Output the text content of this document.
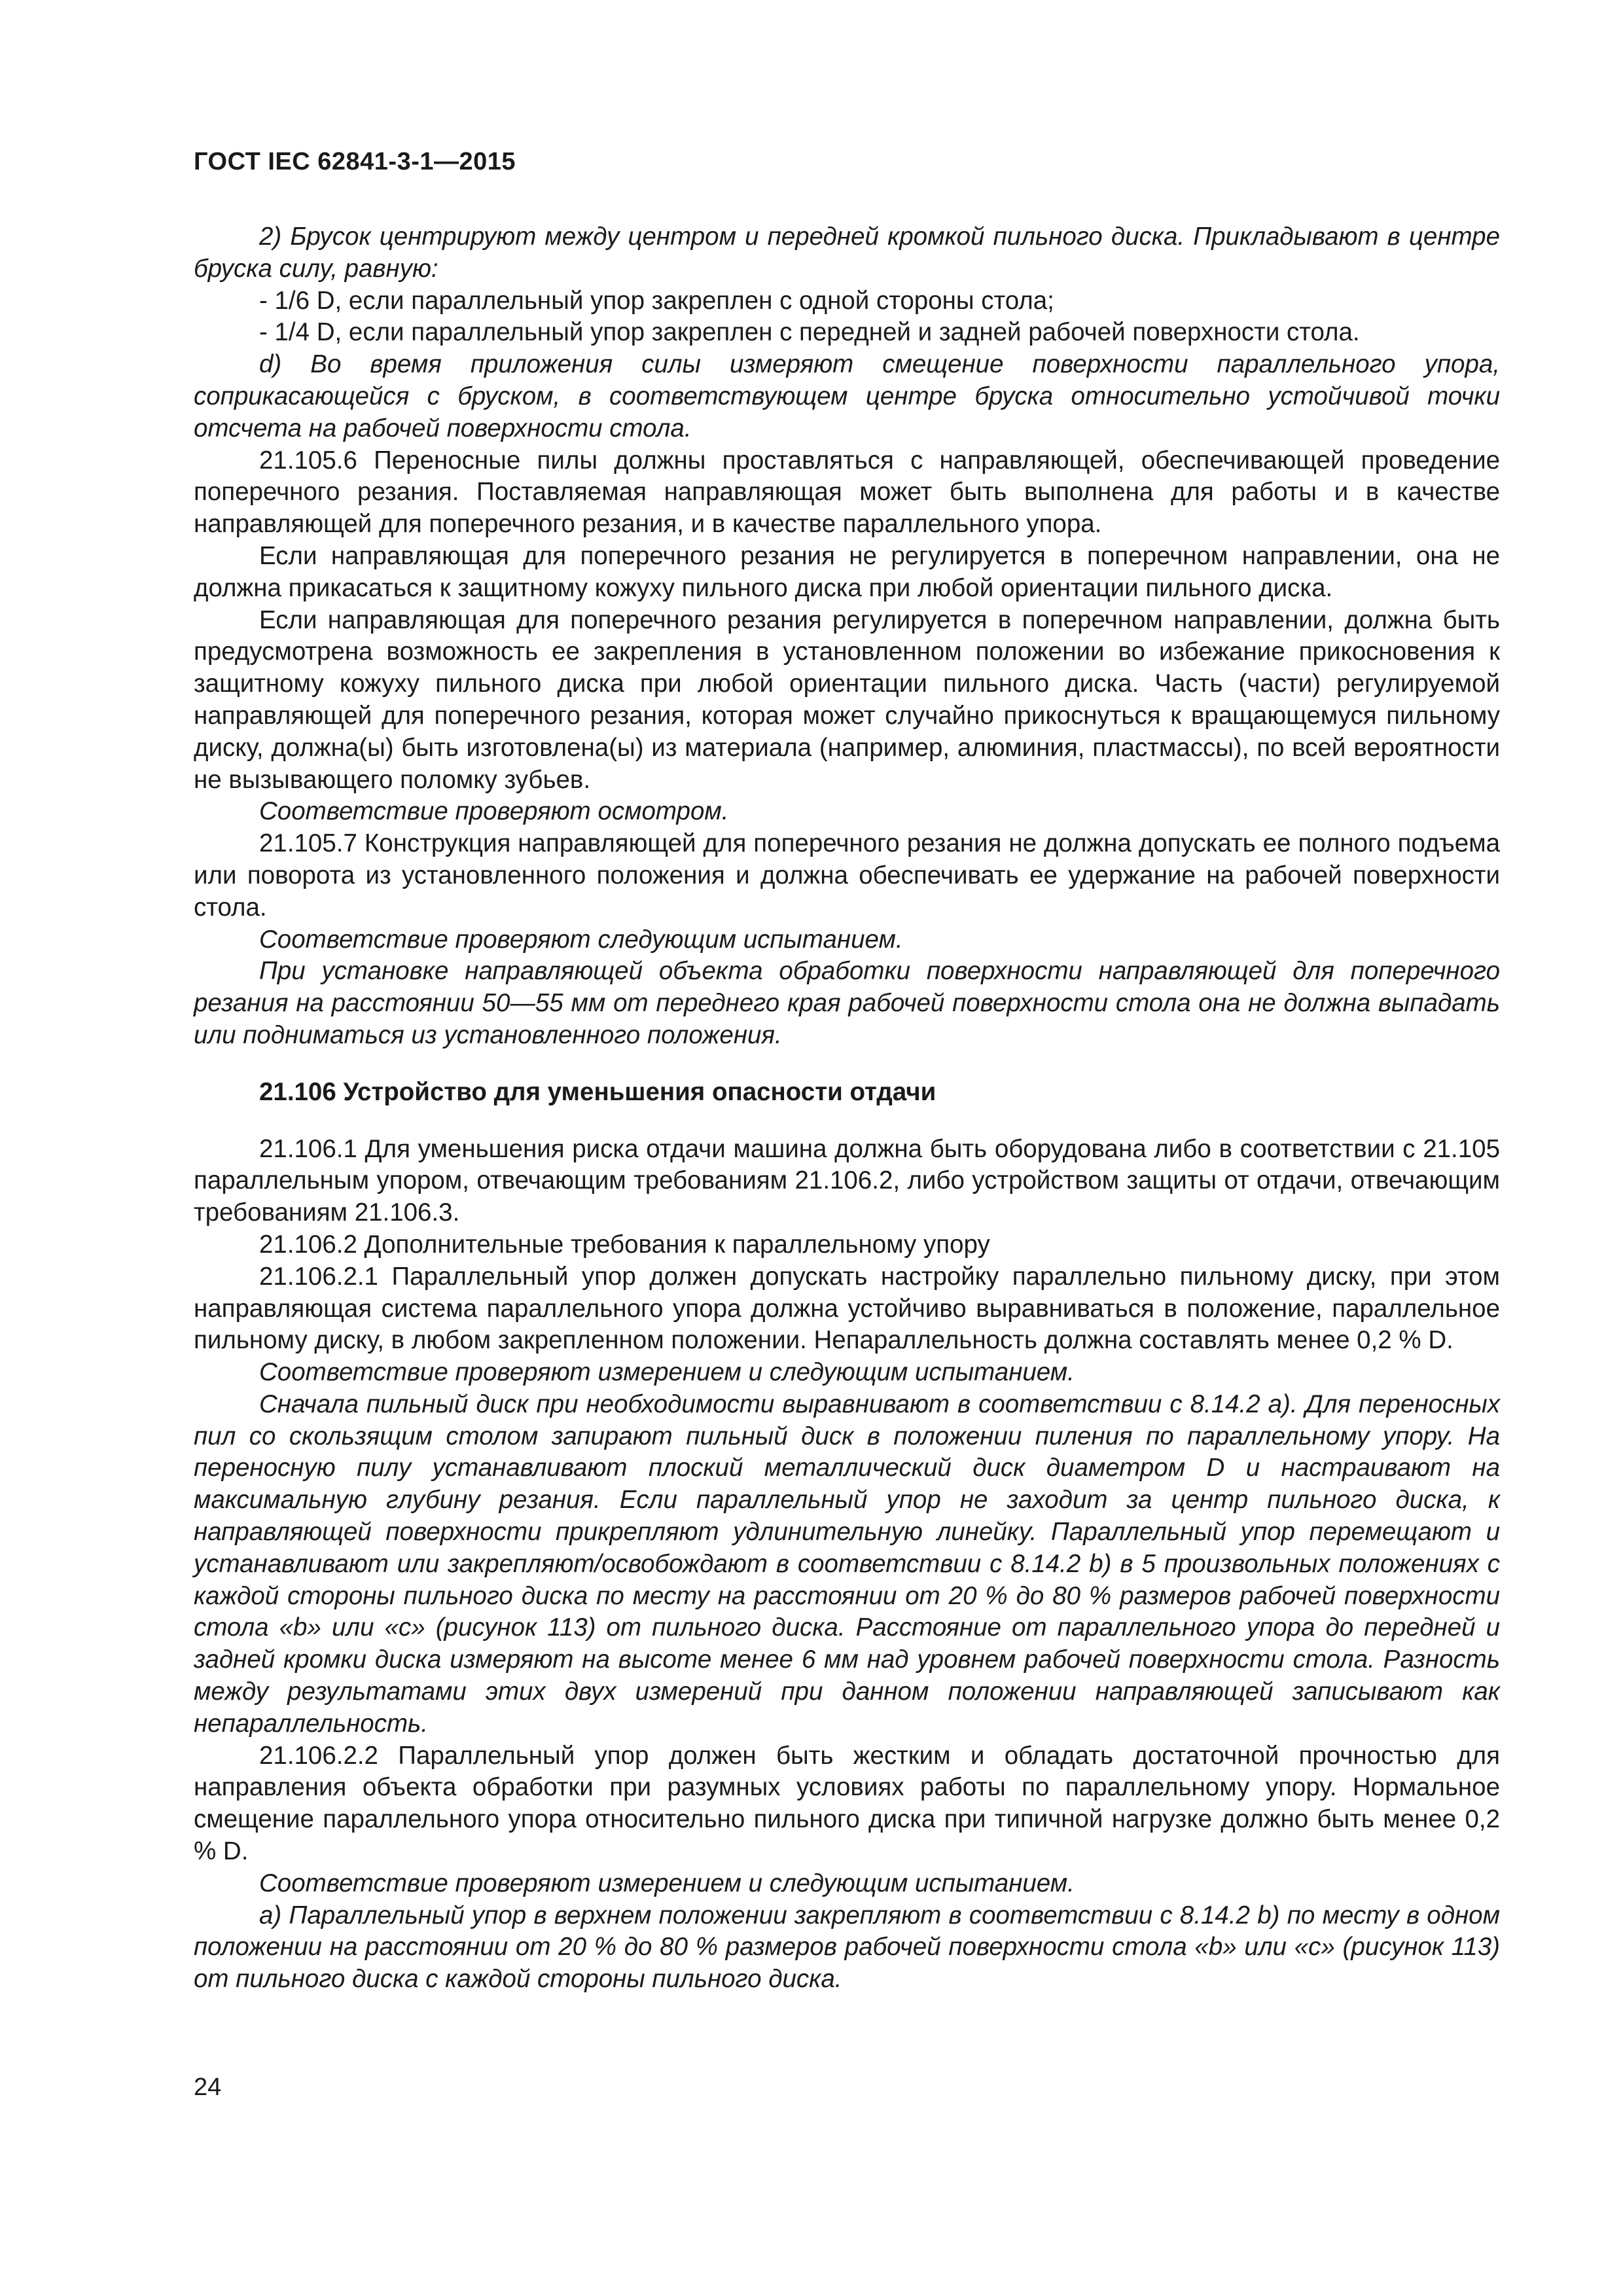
ГОСТ IEC 62841-3-1—2015

2) Брусок центрируют между центром и передней кромкой пильного диска. Прикладывают в центре бруска силу, равную:

- 1/6 D, если параллельный упор закреплен с одной стороны стола;

- 1/4 D, если параллельный упор закреплен с передней и задней рабочей поверхности стола.

d) Во время приложения силы измеряют смещение поверхности параллельного упора, соприкасающейся с бруском, в соответствующем центре бруска относительно устойчивой точки отсчета на рабочей поверхности стола.

21.105.6 Переносные пилы должны проставляться с направляющей, обеспечивающей проведение поперечного резания. Поставляемая направляющая может быть выполнена для работы и в качестве направляющей для поперечного резания, и в качестве параллельного упора.

Если направляющая для поперечного резания не регулируется в поперечном направлении, она не должна прикасаться к защитному кожуху пильного диска при любой ориентации пильного диска.

Если направляющая для поперечного резания регулируется в поперечном направлении, должна быть предусмотрена возможность ее закрепления в установленном положении во избежание прикосновения к защитному кожуху пильного диска при любой ориентации пильного диска. Часть (части) регулируемой направляющей для поперечного резания, которая может случайно прикоснуться к вращающемуся пильному диску, должна(ы) быть изготовлена(ы) из материала (например, алюминия, пластмассы), по всей вероятности не вызывающего поломку зубьев.

Соответствие проверяют осмотром.

21.105.7 Конструкция направляющей для поперечного резания не должна допускать ее полного подъема или поворота из установленного положения и должна обеспечивать ее удержание на рабочей поверхности стола.

Соответствие проверяют следующим испытанием.

При установке направляющей объекта обработки поверхности направляющей для поперечного резания на расстоянии 50—55 мм от переднего края рабочей поверхности стола она не должна выпадать или подниматься из установленного положения.

21.106 Устройство для уменьшения опасности отдачи

21.106.1 Для уменьшения риска отдачи машина должна быть оборудована либо в соответствии с 21.105 параллельным упором, отвечающим требованиям 21.106.2, либо устройством защиты от отдачи, отвечающим требованиям 21.106.3.

21.106.2 Дополнительные требования к параллельному упору

21.106.2.1 Параллельный упор должен допускать настройку параллельно пильному диску, при этом направляющая система параллельного упора должна устойчиво выравниваться в положение, параллельное пильному диску, в любом закрепленном положении. Непараллельность должна составлять менее 0,2 % D.

Соответствие проверяют измерением и следующим испытанием.

Сначала пильный диск при необходимости выравнивают в соответствии с 8.14.2 а). Для переносных пил со скользящим столом запирают пильный диск в положении пиления по параллельному упору. На переносную пилу устанавливают плоский металлический диск диаметром D и настраивают на максимальную глубину резания. Если параллельный упор не заходит за центр пильного диска, к направляющей поверхности прикрепляют удлинительную линейку. Параллельный упор перемещают и устанавливают или закрепляют/освобождают в соответствии с 8.14.2 b) в 5 произвольных положениях с каждой стороны пильного диска по месту на расстоянии от 20 % до 80 % размеров рабочей поверхности стола «b» или «с» (рисунок 113) от пильного диска. Расстояние от параллельного упора до передней и задней кромки диска измеряют на высоте менее 6 мм над уровнем рабочей поверхности стола. Разность между результатами этих двух измерений при данном положении направляющей записывают как непараллельность.

21.106.2.2 Параллельный упор должен быть жестким и обладать достаточной прочностью для направления объекта обработки при разумных условиях работы по параллельному упору. Нормальное смещение параллельного упора относительно пильного диска при типичной нагрузке должно быть менее 0,2 % D.

Соответствие проверяют измерением и следующим испытанием.

а) Параллельный упор в верхнем положении закрепляют в соответствии с 8.14.2 b) по месту в одном положении на расстоянии от 20 % до 80 % размеров рабочей поверхности стола «b» или «с» (рисунок 113) от пильного диска с каждой стороны пильного диска.

24
